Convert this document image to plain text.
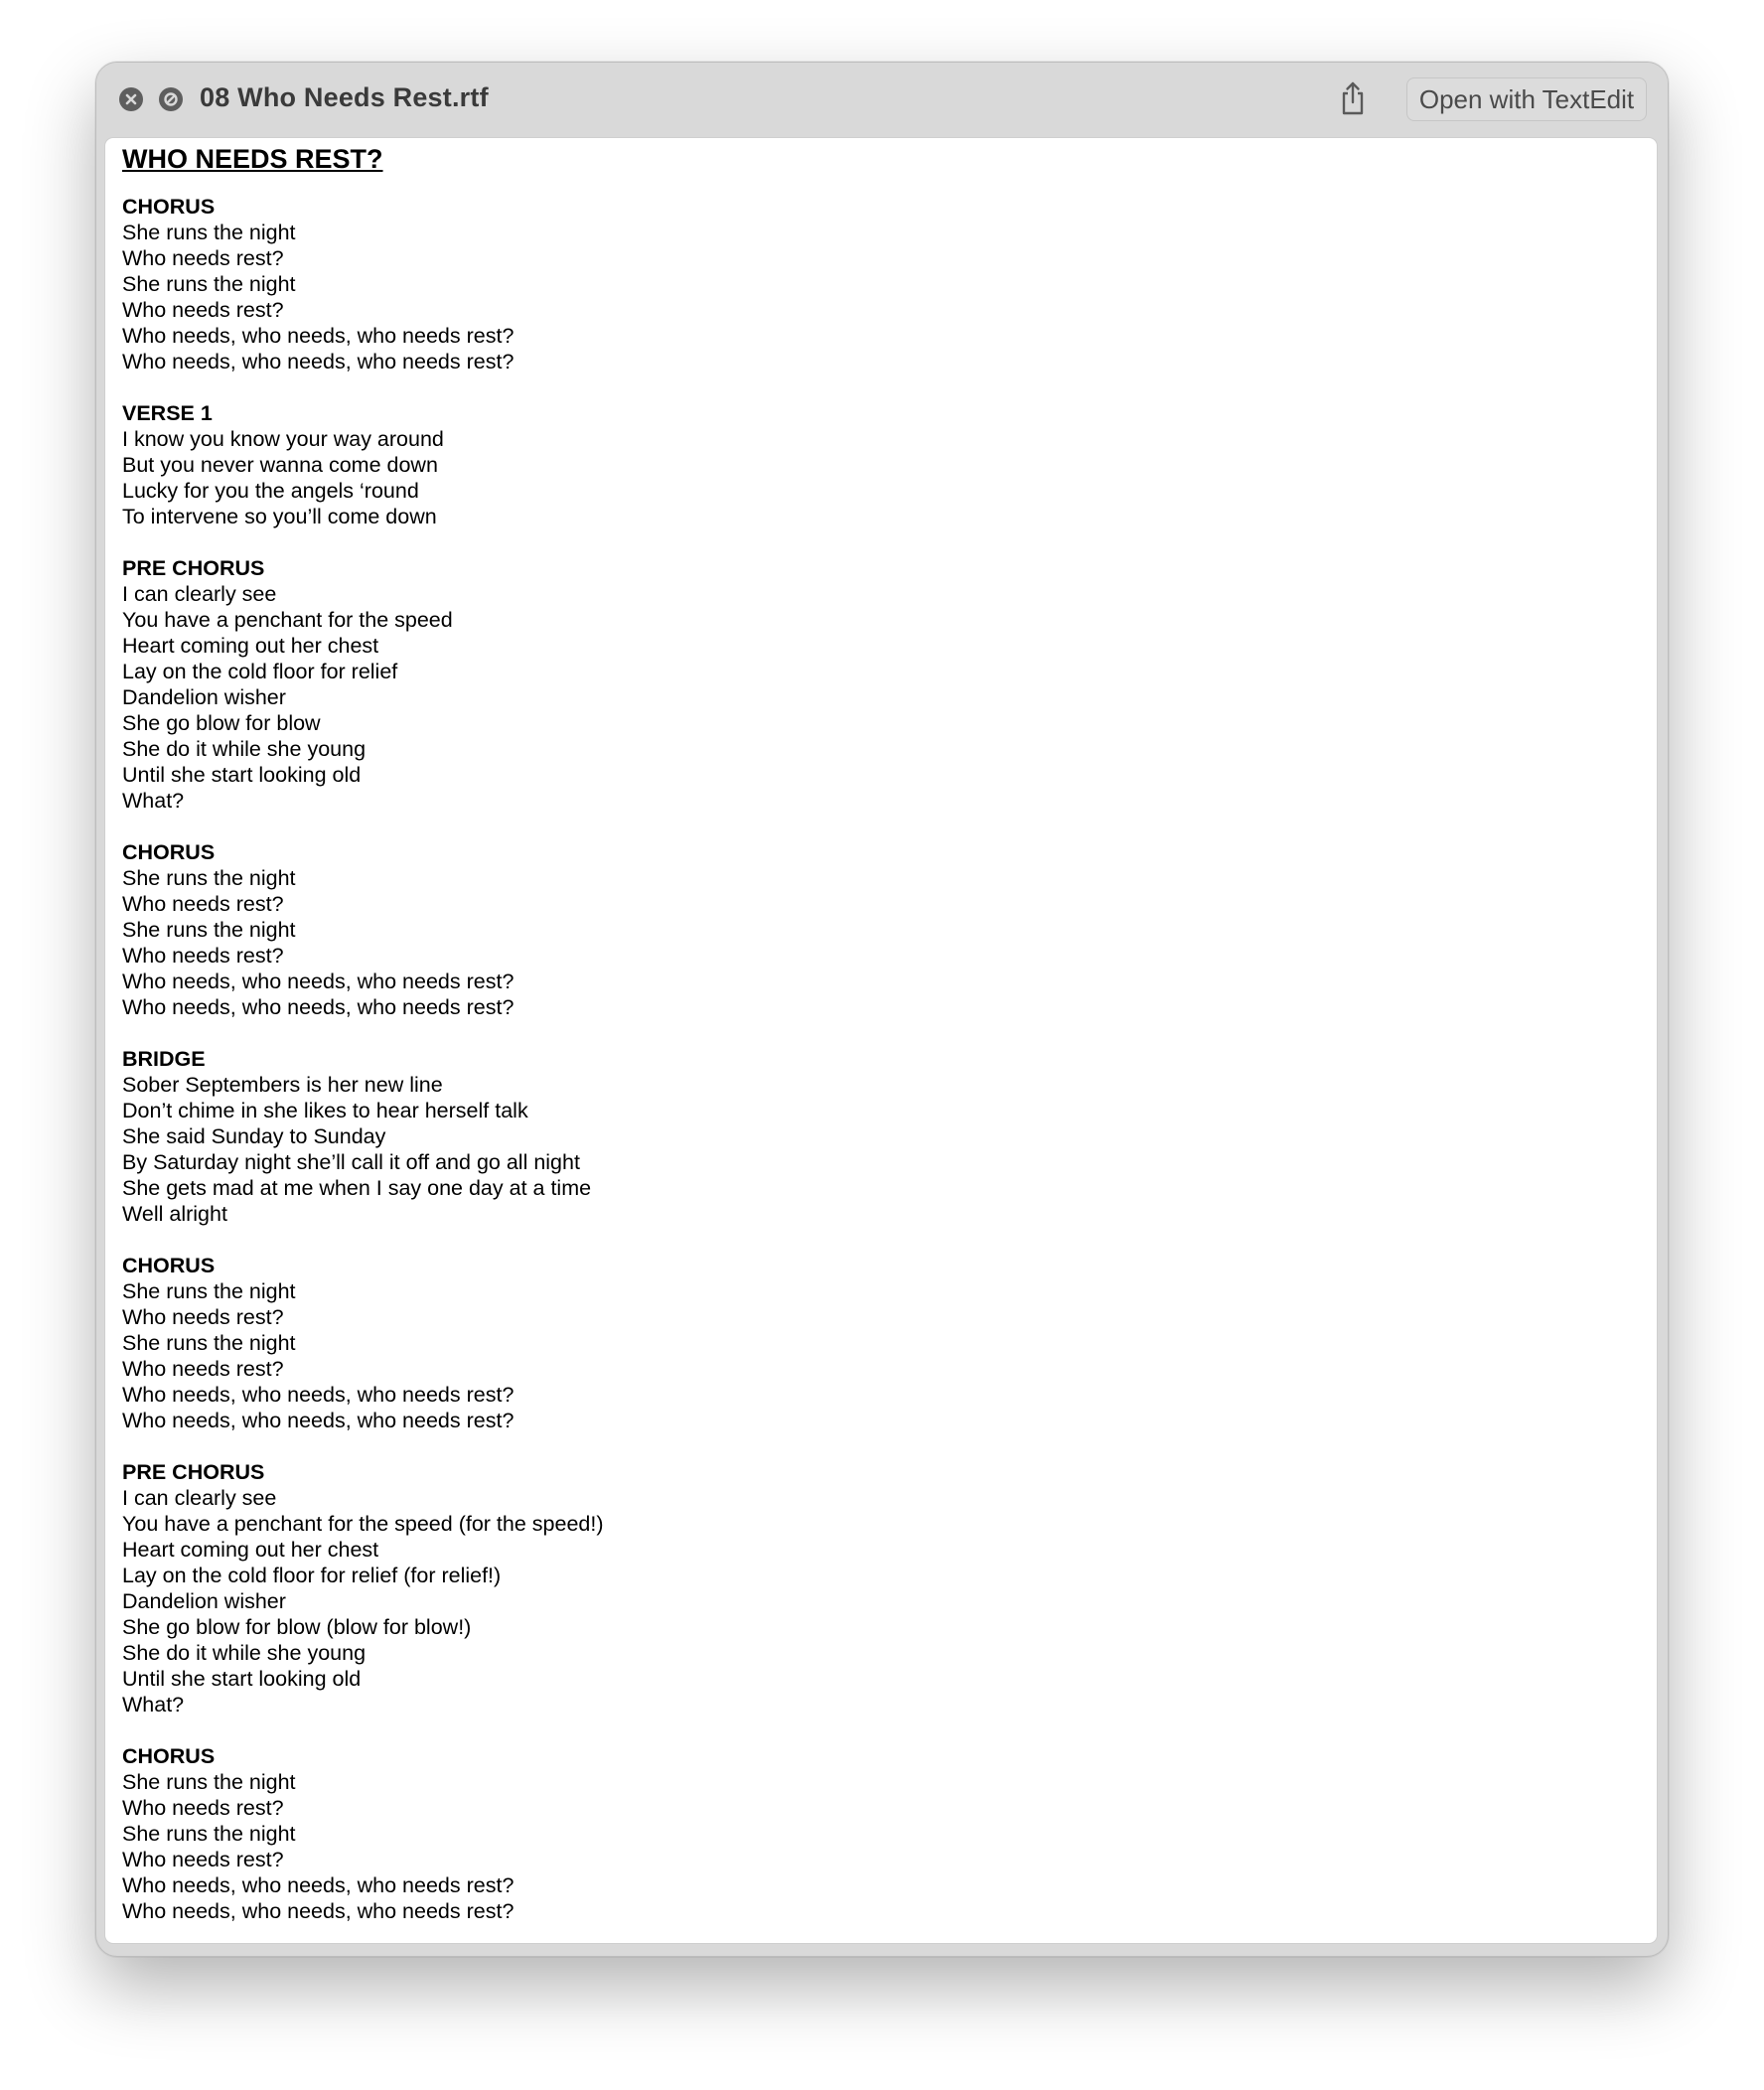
08 Who Needs Rest.rtf	Open with TextEdit
WHO NEEDS REST?
CHORUS
She runs the night
Who needs rest?
She runs the night
Who needs rest?
Who needs, who needs, who needs rest?
Who needs, who needs, who needs rest?
VERSE 1
I know you know your way around
But you never wanna come down
Lucky for you the angels ‘round
To intervene so you’ll come down
PRE CHORUS
I can clearly see
You have a penchant for the speed
Heart coming out her chest
Lay on the cold floor for relief
Dandelion wisher
She go blow for blow
She do it while she young
Until she start looking old
What?
CHORUS
She runs the night
Who needs rest?
She runs the night
Who needs rest?
Who needs, who needs, who needs rest?
Who needs, who needs, who needs rest?
BRIDGE
Sober Septembers is her new line
Don’t chime in she likes to hear herself talk
She said Sunday to Sunday
By Saturday night she’ll call it off and go all night
She gets mad at me when I say one day at a time
Well alright
CHORUS
She runs the night
Who needs rest?
She runs the night
Who needs rest?
Who needs, who needs, who needs rest?
Who needs, who needs, who needs rest?
PRE CHORUS
I can clearly see
You have a penchant for the speed (for the speed!)
Heart coming out her chest
Lay on the cold floor for relief (for relief!)
Dandelion wisher
She go blow for blow (blow for blow!)
She do it while she young
Until she start looking old
What?
CHORUS
She runs the night
Who needs rest?
She runs the night
Who needs rest?
Who needs, who needs, who needs rest?
Who needs, who needs, who needs rest?
